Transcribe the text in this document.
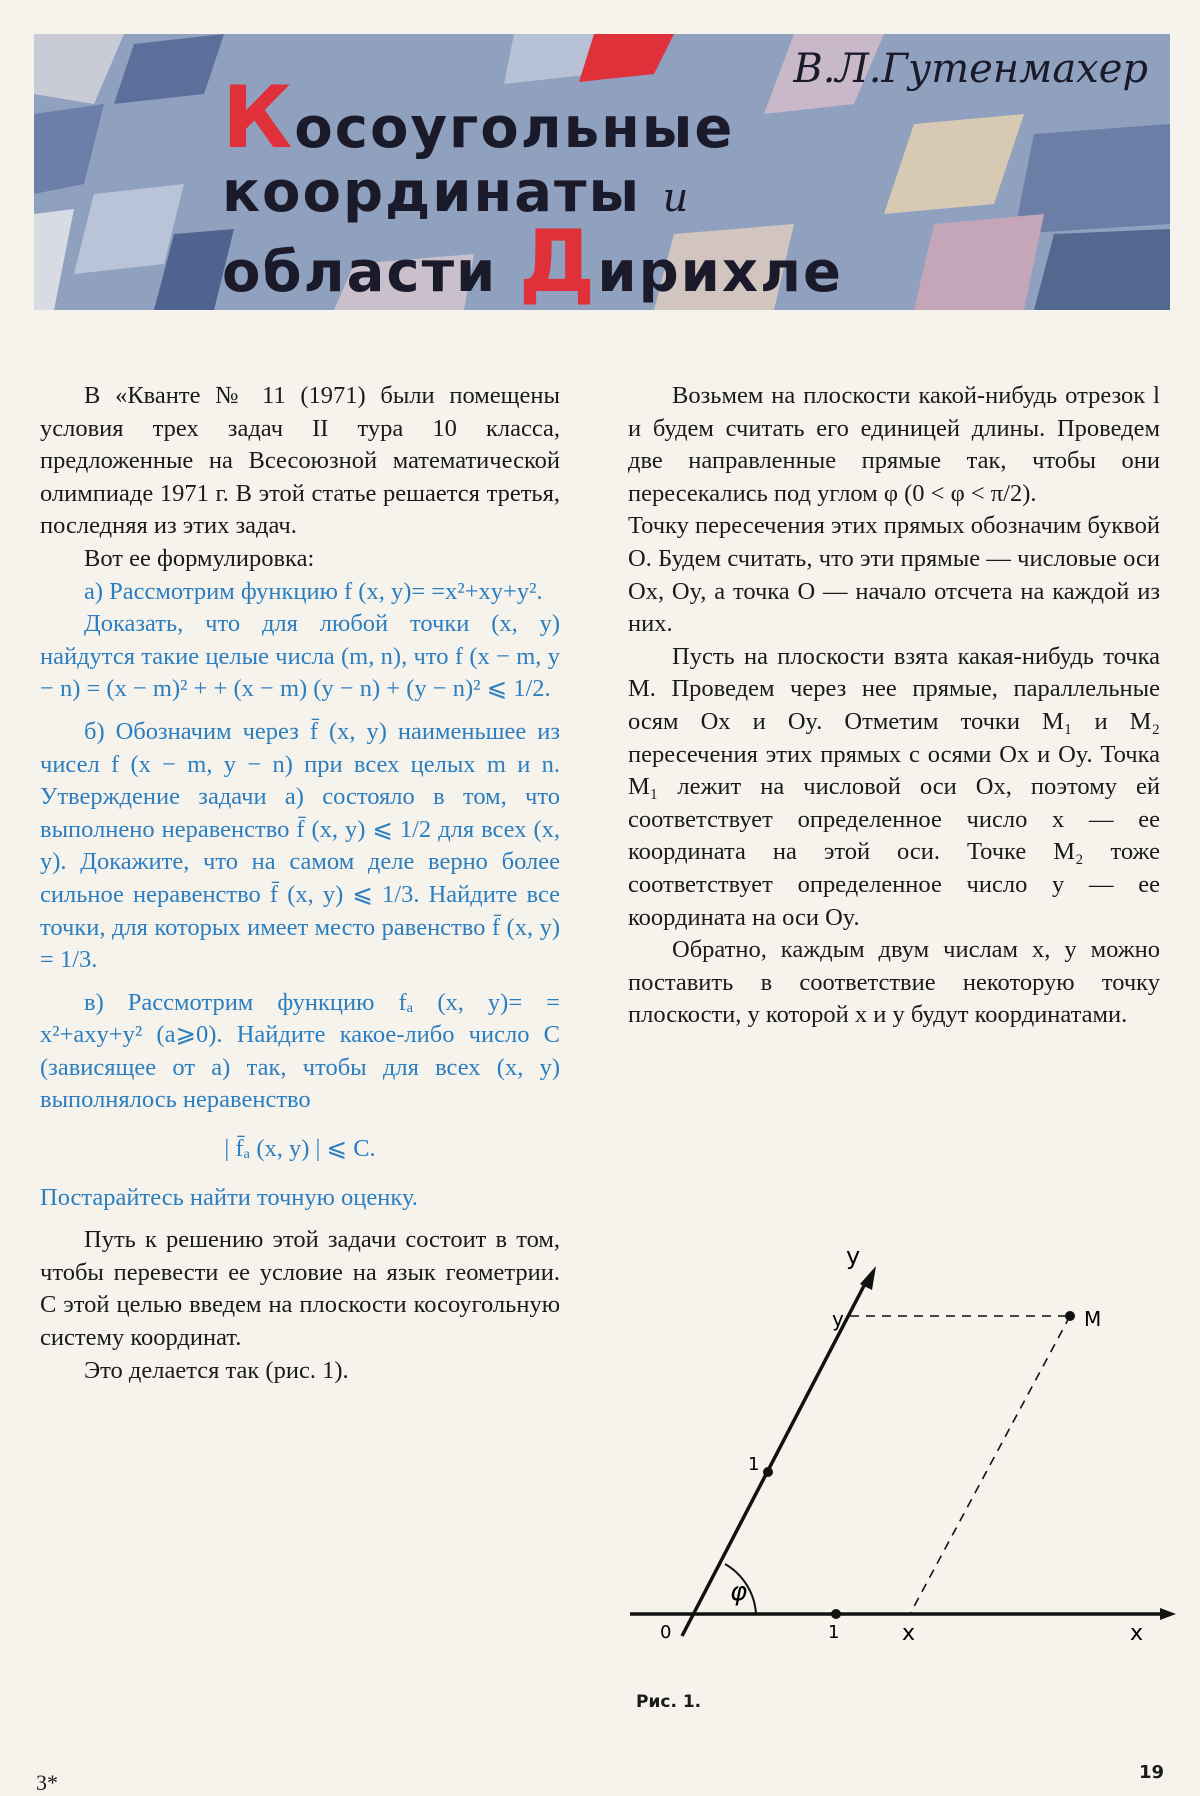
В.Л.Гутенмахер
Косоугольные
координаты и
области Дирихле

В «Кванте № 11 (1971) были помещены условия трех задач II тура 10 класса, предложенные на Всесоюзной математической олимпиаде 1971 г. В этой статье решается третья, последняя из этих задач.

Вот ее формулировка:

а) Рассмотрим функцию f (x, y)= =x²+xy+y².

Доказать, что для любой точки (x, y) найдутся такие целые числа (m, n), что f (x − m, y − n) = (x − m)² + + (x − m) (y − n) + (y − n)² ⩽ 1/2.

б) Обозначим через f̄ (x, y) наименьшее из чисел f (x − m, y − n) при всех целых m и n. Утверждение задачи а) состояло в том, что выполнено неравенство f̄ (x, y) ⩽ 1/2 для всех (x, y). Докажите, что на самом деле верно более сильное неравенство f̄ (x, y) ⩽ 1/3. Найдите все точки, для которых имеет место равенство f̄ (x, y) = 1/3.

в) Рассмотрим функцию fₐ (x, y)= = x²+axy+y² (a⩾0). Найдите какое-либо число C (зависящее от a) так, чтобы для всех (x, y) выполнялось неравенство

| f̄ₐ (x, y) | ⩽ C.

Постарайтесь найти точную оценку.

Путь к решению этой задачи состоит в том, чтобы перевести ее условие на язык геометрии. С этой целью введем на плоскости косоугольную систему координат.

Это делается так (рис. 1).

Возьмем на плоскости какой-нибудь отрезок l и будем считать его единицей длины. Проведем две направленные прямые так, чтобы они пересекались под углом φ (0 < φ < π/2).

Точку пересечения этих прямых обозначим буквой O. Будем считать, что эти прямые — числовые оси Ox, Oy, а точка O — начало отсчета на каждой из них.

Пусть на плоскости взята какая-нибудь точка M. Проведем через нее прямые, параллельные осям Ox и Oy. Отметим точки M₁ и M₂ пересечения этих прямых с осями Ox и Oy. Точка M₁ лежит на числовой оси Ox, поэтому ей соответствует определенное число x — ее координата на этой оси. Точке M₂ тоже соответствует определенное число y — ее координата на оси Oy.

Обратно, каждым двум числам x, y можно поставить в соответствие некоторую точку плоскости, у которой x и y будут координатами.

y
y	M
1
φ
0	1	x	x
Рис. 1.
3*	19
